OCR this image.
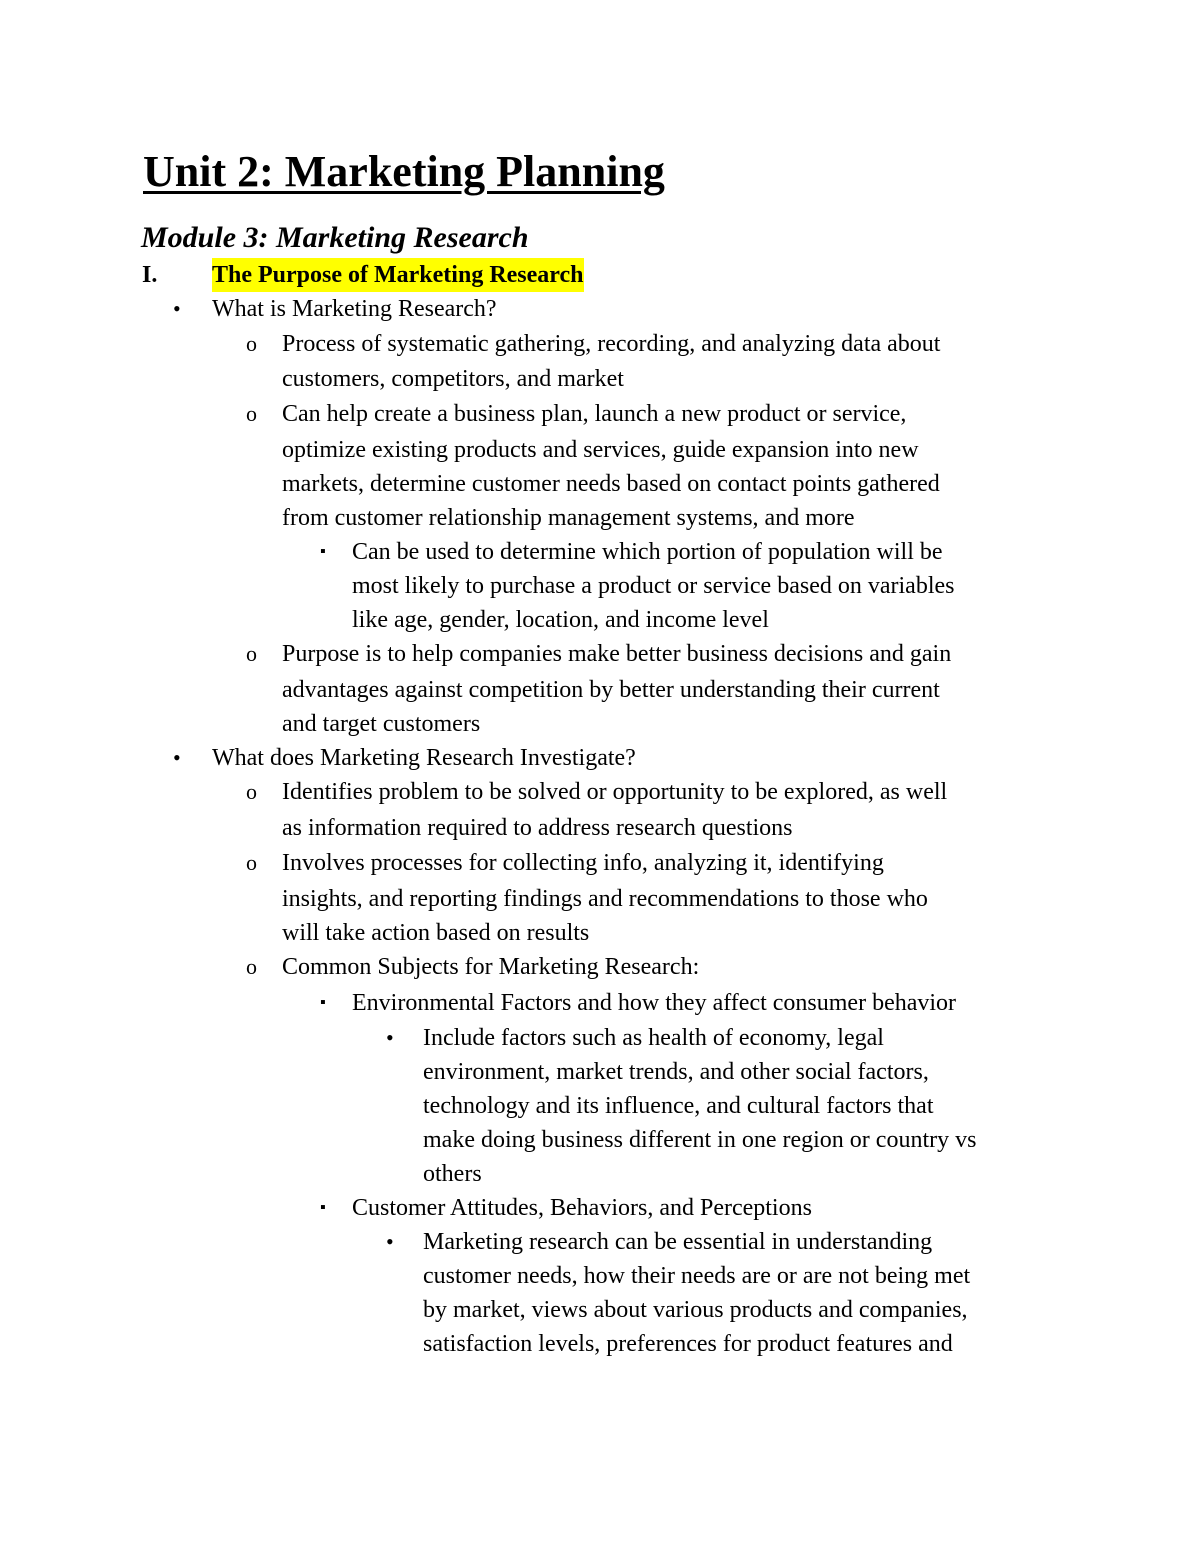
Unit 2: Marketing Planning
Module 3: Marketing Research
I. The Purpose of Marketing Research
• What is Marketing Research?
o Process of systematic gathering, recording, and analyzing data about
customers, competitors, and market
o Can help create a business plan, launch a new product or service,
optimize existing products and services, guide expansion into new
markets, determine customer needs based on contact points gathered
from customer relationship management systems, and more
▪ Can be used to determine which portion of population will be
most likely to purchase a product or service based on variables
like age, gender, location, and income level
o Purpose is to help companies make better business decisions and gain
advantages against competition by better understanding their current
and target customers
• What does Marketing Research Investigate?
o Identifies problem to be solved or opportunity to be explored, as well
as information required to address research questions
o Involves processes for collecting info, analyzing it, identifying
insights, and reporting findings and recommendations to those who
will take action based on results
o Common Subjects for Marketing Research:
▪ Environmental Factors and how they affect consumer behavior
• Include factors such as health of economy, legal
environment, market trends, and other social factors,
technology and its influence, and cultural factors that
make doing business different in one region or country vs
others
▪ Customer Attitudes, Behaviors, and Perceptions
• Marketing research can be essential in understanding
customer needs, how their needs are or are not being met
by market, views about various products and companies,
satisfaction levels, preferences for product features and
